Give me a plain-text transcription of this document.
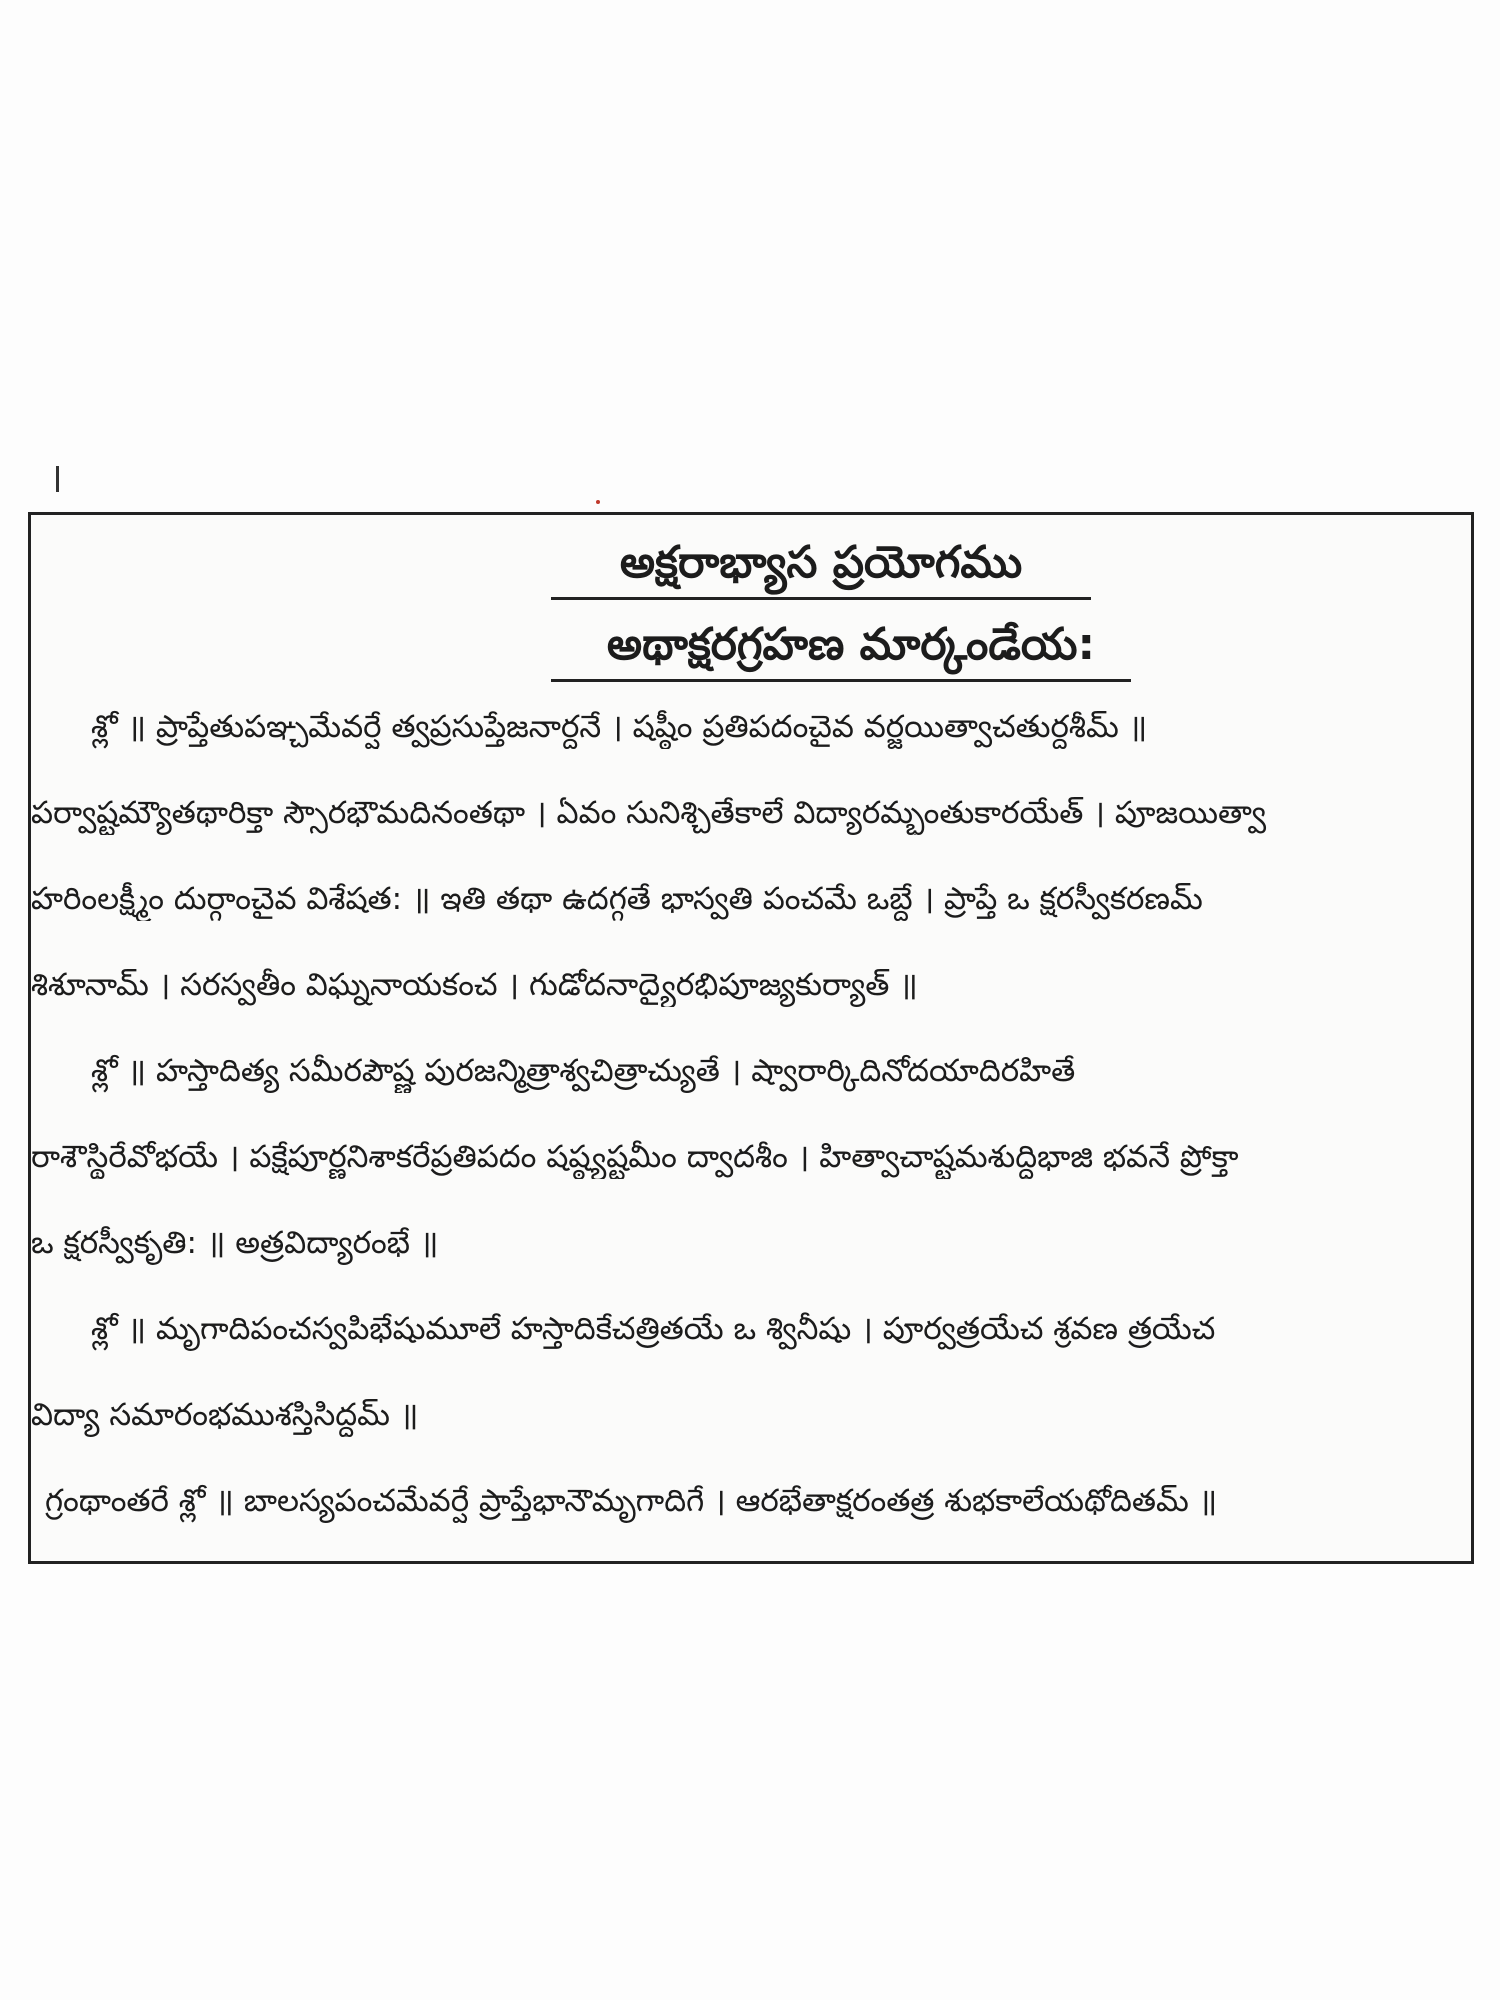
అక్షరాభ్యాస ప్రయోగము
అథాక్షరగ్రహణ మార్కండేయ:
శ్లో ॥ ప్రాప్తేతుపఞ్చమేవర్షే త్వప్రసుప్తేజనార్దనే । షష్ఠీం ప్రతిపదంచైవ వర్జయిత్వాచతుర్దశీమ్ ॥
పర్వాష్టమ్యౌతథారిక్తా స్సౌరభౌమదినంతథా । ఏవం సునిశ్చితేకాలే విద్యారమ్భంతుకారయేత్ । పూజయిత్వా
హరింలక్ష్మీం దుర్గాంచైవ విశేషత: ॥ ఇతి తథా ఉదగ్గతే భాస్వతి పంచమే ఒబ్దే । ప్రాప్తే ఒ క్షరస్వీకరణమ్
శిశూనామ్ । సరస్వతీం విఘ్ననాయకంచ । గుడోదనాద్యైరభిపూజ్యకుర్యాత్ ॥
శ్లో ॥ హస్తాదిత్య సమీరపౌష్ణ పురజన్మిత్రాశ్వచిత్రాచ్యుతే । ష్వారార్కిదినోదయాదిరహితే
రాశౌస్థిరేవోభయే । పక్షేపూర్ణనిశాకరేప్రతిపదం షష్ఠ్యష్టమీం ద్వాదశీం । హిత్వాచాష్టమశుద్ధిభాజి భవనే ప్రోక్తా
ఒ క్షరస్వీకృతి: ॥ అత్రవిద్యారంభే ॥
శ్లో ॥ మృగాదిపంచస్వపిభేషుమూలే హస్తాదికేచత్రితయే ఒ శ్వినీషు । పూర్వత్రయేచ శ్రవణ త్రయేచ
విద్యా సమారంభముశస్తిసిద్ధమ్ ॥
గ్రంథాంతరే శ్లో ॥ బాలస్యపంచమేవర్షే ప్రాప్తేభానౌమృగాదిగే । ఆరభేతాక్షరంతత్ర శుభకాలేయథోదితమ్ ॥
